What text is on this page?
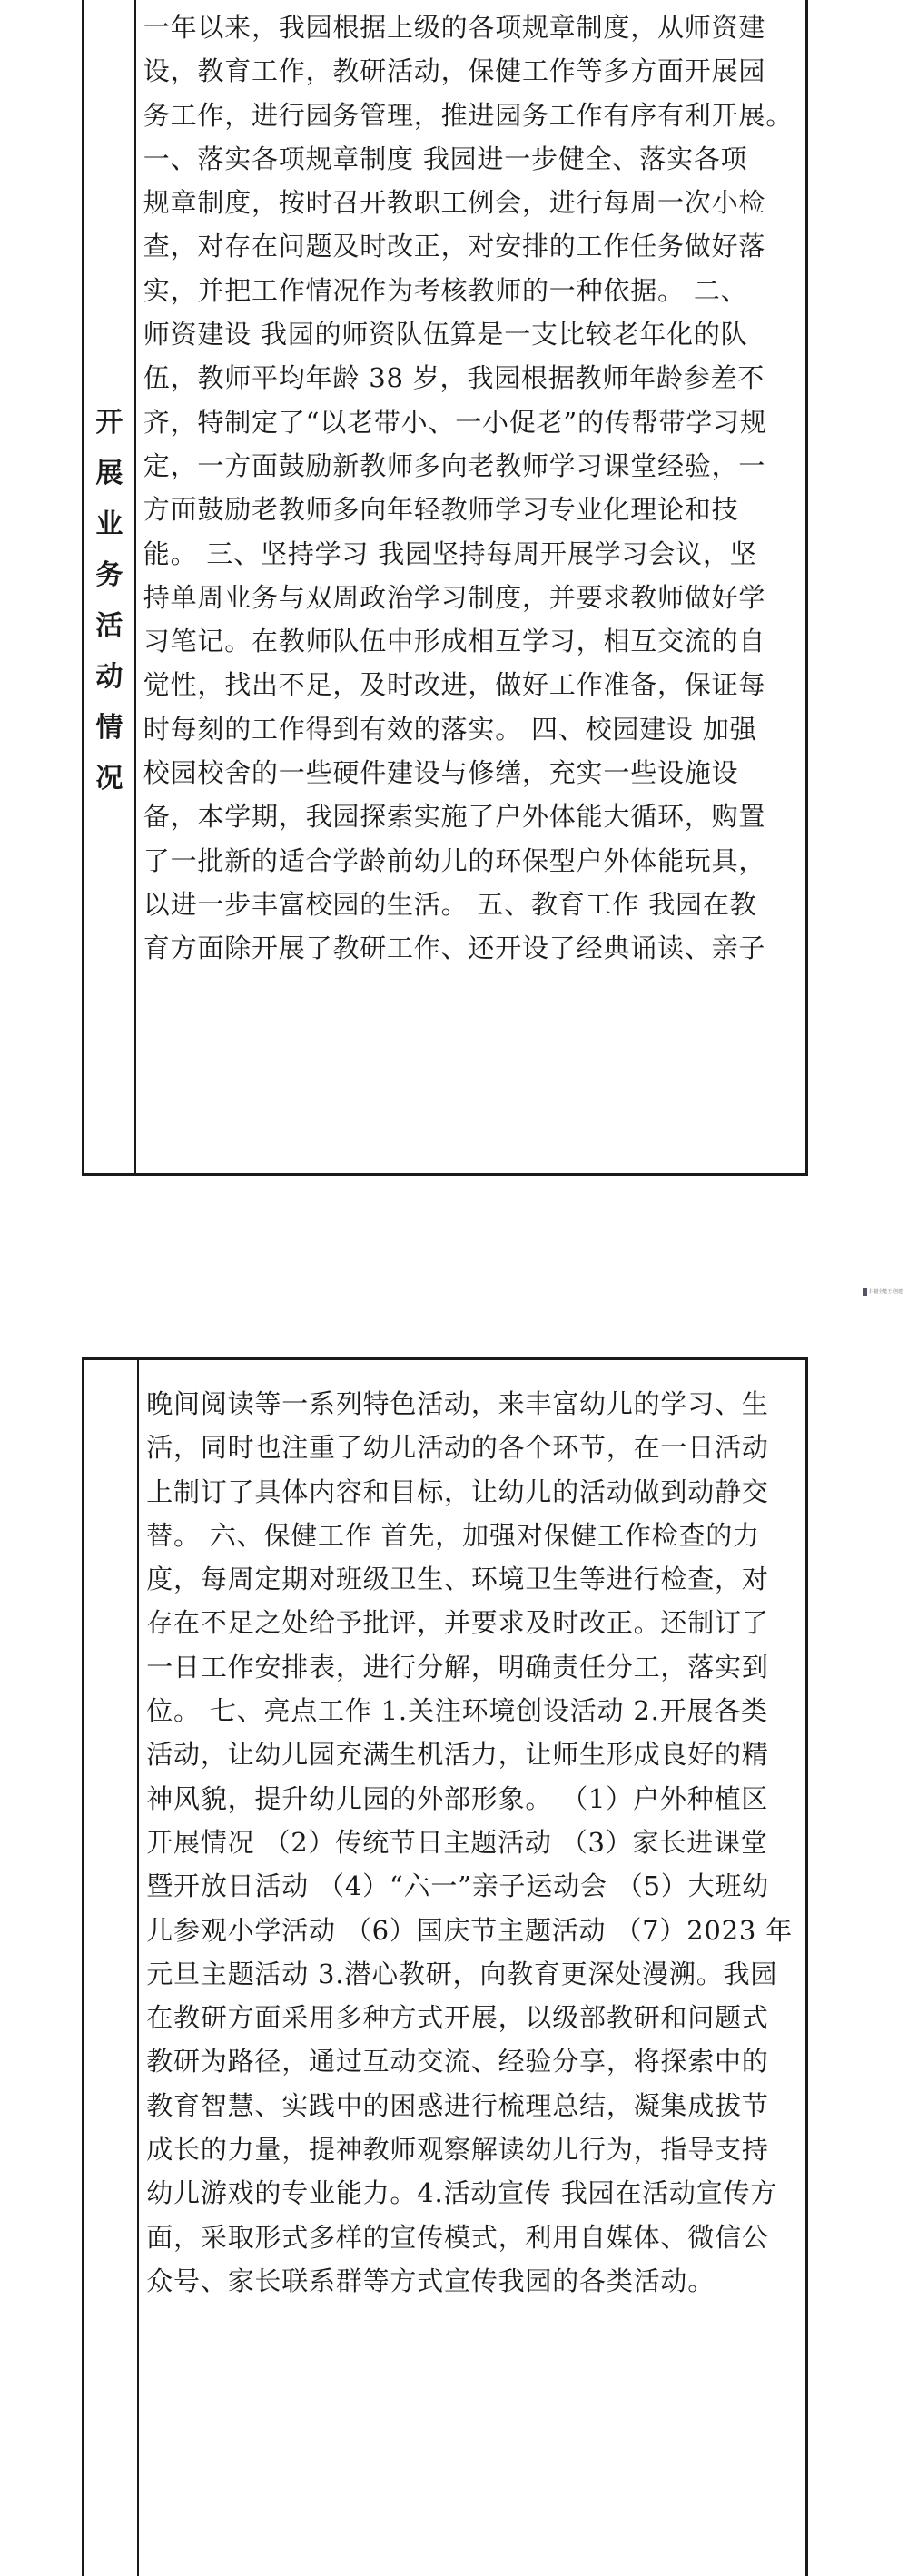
开
展
业
务
活
动
情
况
一年以来，我园根据上级的各项规章制度，从师资建
设，教育工作，教研活动，保健工作等多方面开展园
务工作，进行园务管理，推进园务工作有序有利开展。
一、落实各项规章制度 我园进一步健全、落实各项
规章制度，按时召开教职工例会，进行每周一次小检
查，对存在问题及时改正，对安排的工作任务做好落
实，并把工作情况作为考核教师的一种依据。 二、
师资建设 我园的师资队伍算是一支比较老年化的队
伍，教师平均年龄 38 岁，我园根据教师年龄参差不
齐，特制定了“以老带小、一小促老”的传帮带学习规
定，一方面鼓励新教师多向老教师学习课堂经验，一
方面鼓励老教师多向年轻教师学习专业化理论和技
能。 三、坚持学习 我园坚持每周开展学习会议，坚
持单周业务与双周政治学习制度，并要求教师做好学
习笔记。在教师队伍中形成相互学习，相互交流的自
觉性，找出不足，及时改进，做好工作准备，保证每
时每刻的工作得到有效的落实。 四、校园建设 加强
校园校舍的一些硬件建设与修缮，充实一些设施设
备，本学期，我园探索实施了户外体能大循环，购置
了一批新的适合学龄前幼儿的环保型户外体能玩具，
以进一步丰富校园的生活。 五、教育工作 我园在教
育方面除开展了教研工作、还开设了经典诵读、亲子
扫描全能王 创建
晚间阅读等一系列特色活动，来丰富幼儿的学习、生
活，同时也注重了幼儿活动的各个环节，在一日活动
上制订了具体内容和目标，让幼儿的活动做到动静交
替。 六、保健工作 首先，加强对保健工作检查的力
度，每周定期对班级卫生、环境卫生等进行检查，对
存在不足之处给予批评，并要求及时改正。还制订了
一日工作安排表，进行分解，明确责任分工，落实到
位。 七、亮点工作 1.关注环境创设活动 2.开展各类
活动，让幼儿园充满生机活力，让师生形成良好的精
神风貌，提升幼儿园的外部形象。 （1）户外种植区
开展情况 （2）传统节日主题活动 （3）家长进课堂
暨开放日活动 （4）“六一”亲子运动会 （5）大班幼
儿参观小学活动 （6）国庆节主题活动 （7）2023 年
元旦主题活动 3.潜心教研，向教育更深处漫溯。我园
在教研方面采用多种方式开展，以级部教研和问题式
教研为路径，通过互动交流、经验分享，将探索中的
教育智慧、实践中的困惑进行梳理总结，凝集成拔节
成长的力量，提神教师观察解读幼儿行为，指导支持
幼儿游戏的专业能力。4.活动宣传 我园在活动宣传方
面，采取形式多样的宣传模式，利用自媒体、微信公
众号、家长联系群等方式宣传我园的各类活动。
